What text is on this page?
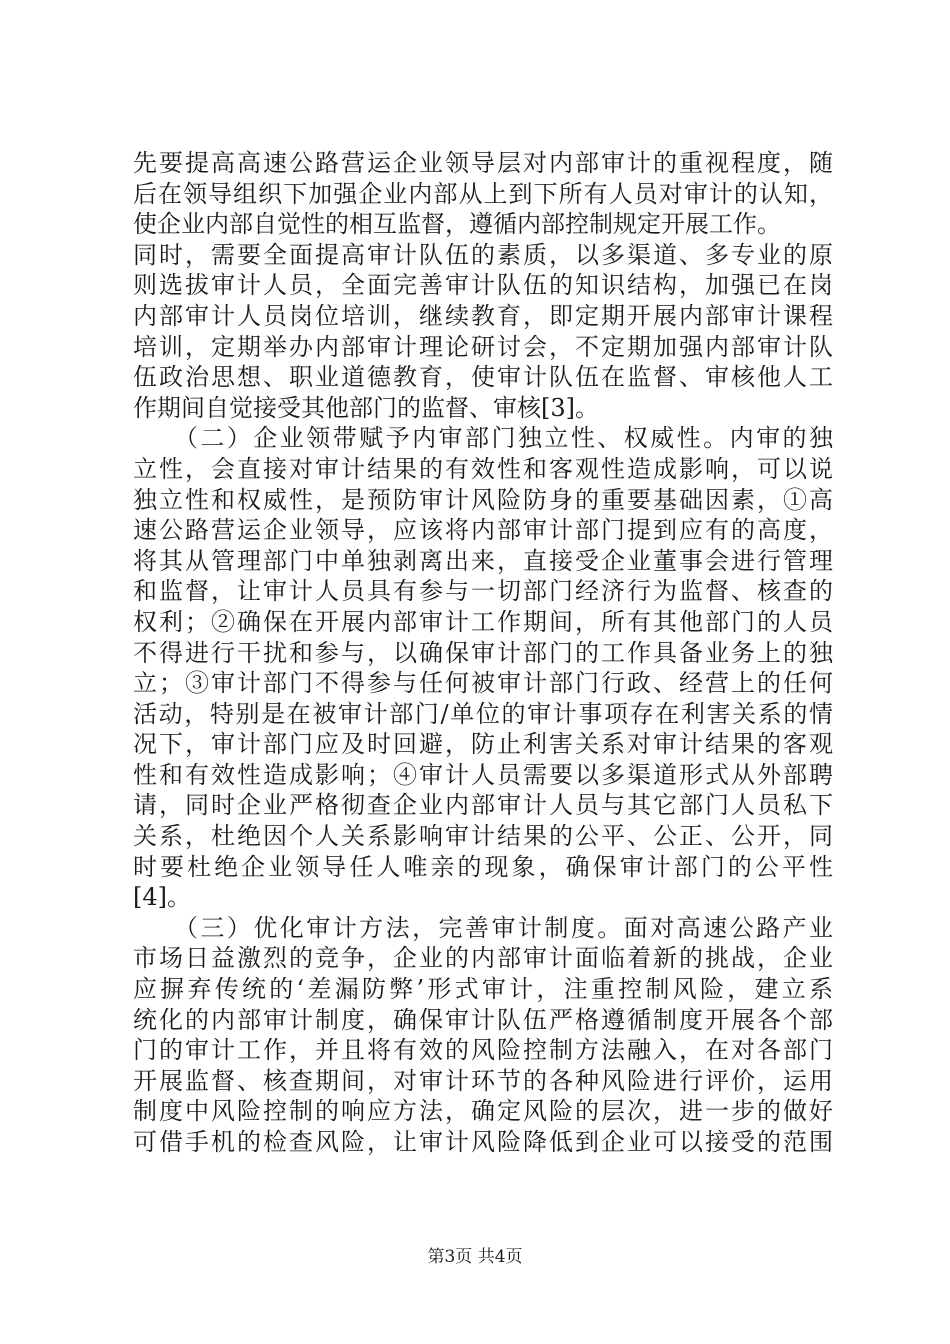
先要提高高速公路营运企业领导层对内部审计的重视程度，随
后在领导组织下加强企业内部从上到下所有人员对审计的认知，
使企业内部自觉性的相互监督，遵循内部控制规定开展工作。
同时，需要全面提高审计队伍的素质，以多渠道、多专业的原
则选拔审计人员，全面完善审计队伍的知识结构，加强已在岗
内部审计人员岗位培训，继续教育，即定期开展内部审计课程
培训，定期举办内部审计理论研讨会，不定期加强内部审计队
伍政治思想、职业道德教育，使审计队伍在监督、审核他人工
作期间自觉接受其他部门的监督、审核[3]。
　　（二）企业领带赋予内审部门独立性、权威性。内审的独
立性，会直接对审计结果的有效性和客观性造成影响，可以说
独立性和权威性，是预防审计风险防身的重要基础因素，①高
速公路营运企业领导，应该将内部审计部门提到应有的高度，
将其从管理部门中单独剥离出来，直接受企业董事会进行管理
和监督，让审计人员具有参与一切部门经济行为监督、核查的
权利；②确保在开展内部审计工作期间，所有其他部门的人员
不得进行干扰和参与，以确保审计部门的工作具备业务上的独
立；③审计部门不得参与任何被审计部门行政、经营上的任何
活动，特别是在被审计部门/单位的审计事项存在利害关系的情
况下，审计部门应及时回避，防止利害关系对审计结果的客观
性和有效性造成影响；④审计人员需要以多渠道形式从外部聘
请，同时企业严格彻查企业内部审计人员与其它部门人员私下
关系，杜绝因个人关系影响审计结果的公平、公正、公开，同
时要杜绝企业领导任人唯亲的现象，确保审计部门的公平性
[4]。
　　（三）优化审计方法，完善审计制度。面对高速公路产业
市场日益激烈的竞争，企业的内部审计面临着新的挑战，企业
应摒弃传统的‘差漏防弊’形式审计，注重控制风险，建立系
统化的内部审计制度，确保审计队伍严格遵循制度开展各个部
门的审计工作，并且将有效的风险控制方法融入，在对各部门
开展监督、核查期间，对审计环节的各种风险进行评价，运用
制度中风险控制的响应方法，确定风险的层次，进一步的做好
可借手机的检查风险，让审计风险降低到企业可以接受的范围
第3页 共4页
